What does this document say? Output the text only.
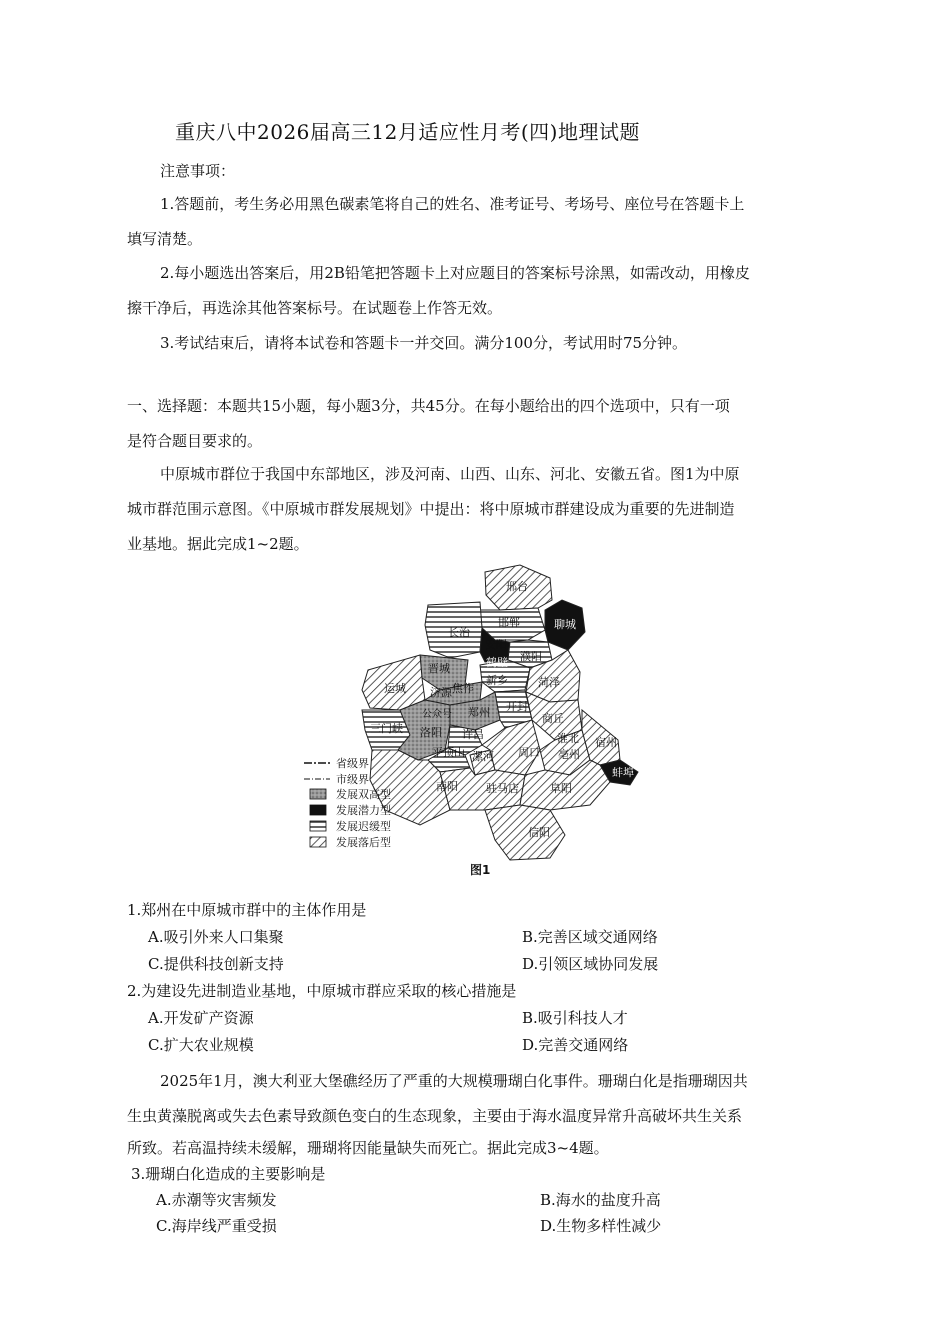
重庆八中2026届高三12月适应性月考(四)地理试题
注意事项：
1.答题前，考生务必用黑色碳素笔将自己的姓名、准考证号、考场号、座位号在答题卡上
填写清楚。
2.每小题选出答案后，用2B铅笔把答题卡上对应题目的答案标号涂黑，如需改动，用橡皮
擦干净后，再选涂其他答案标号。在试题卷上作答无效。
3.考试结束后，请将本试卷和答题卡一并交回。满分100分，考试用时75分钟。
一、选择题：本题共15小题，每小题3分，共45分。在每小题给出的四个选项中，只有一项
是符合题目要求的。
中原城市群位于我国中东部地区，涉及河南、山西、山东、河北、安徽五省。图1为中原
城市群范围示意图。《中原城市群发展规划》中提出：将中原城市群建设成为重要的先进制造
业基地。据此完成1~2题。
邢台
邯郸	聊城
长治
安阳
鹤壁 濮阳
晋城
新乡	菏泽
运城 济源 焦作
郑州 开封
商丘
三门峡 洛阳 许昌	淮北 宿州
平顶山 漯河 周口 亳州
蚌埠
南阳	驻马店	阜阳
信阳
公众号
省级界
市级界
发展双高型
发展潜力型
发展迟缓型
发展落后型
图1
1.郑州在中原城市群中的主体作用是
A.吸引外来人口集聚	B.完善区域交通网络
C.提供科技创新支持	D.引领区域协同发展
2.为建设先进制造业基地，中原城市群应采取的核心措施是
A.开发矿产资源	B.吸引科技人才
C.扩大农业规模	D.完善交通网络
2025年1月，澳大利亚大堡礁经历了严重的大规模珊瑚白化事件。珊瑚白化是指珊瑚因共
生虫黄藻脱离或失去色素导致颜色变白的生态现象，主要由于海水温度异常升高破坏共生关系
所致。若高温持续未缓解，珊瑚将因能量缺失而死亡。据此完成3~4题。
3.珊瑚白化造成的主要影响是
A.赤潮等灾害频发	B.海水的盐度升高
C.海岸线严重受损	D.生物多样性减少
